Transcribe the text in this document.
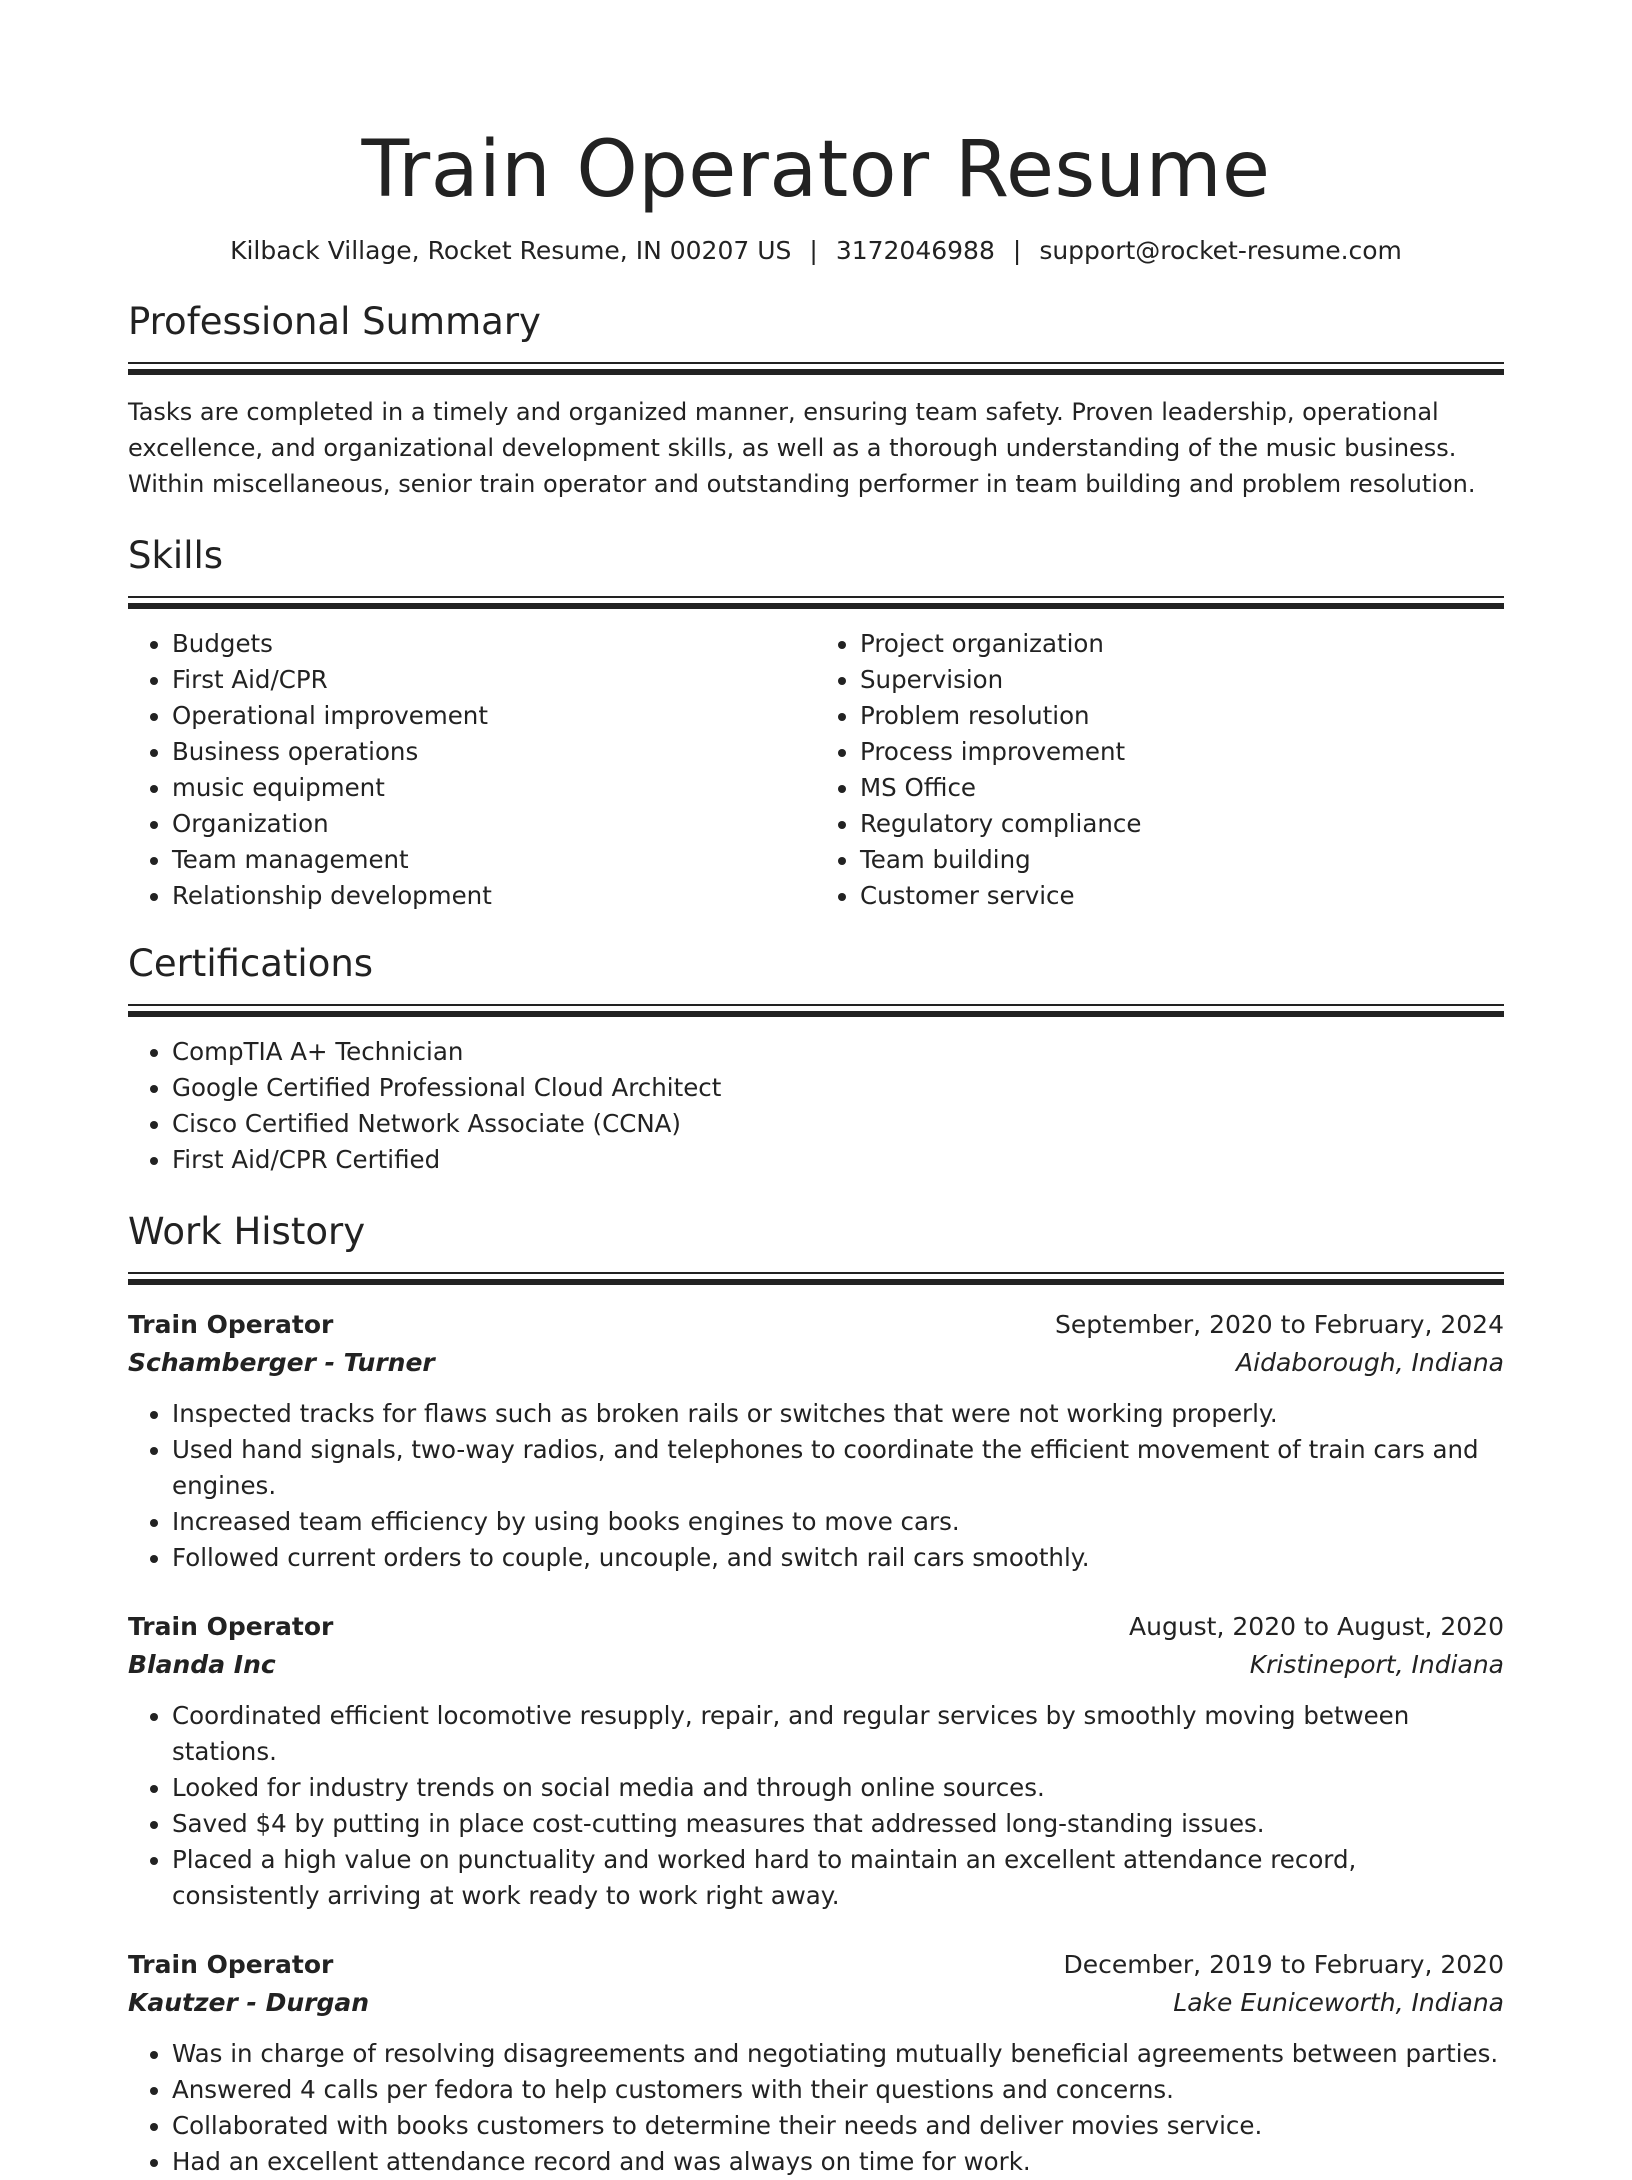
Train Operator Resume
Kilback Village, Rocket Resume, IN 00207 US | 3172046988 | support@rocket-resume.com
Professional Summary
Tasks are completed in a timely and organized manner, ensuring team safety. Proven leadership, operational excellence, and organizational development skills, as well as a thorough understanding of the music business. Within miscellaneous, senior train operator and outstanding performer in team building and problem resolution.
Skills
• Budgets
• First Aid/CPR
• Operational improvement
• Business operations
• music equipment
• Organization
• Team management
• Relationship development
• Project organization
• Supervision
• Problem resolution
• Process improvement
• MS Office
• Regulatory compliance
• Team building
• Customer service
Certifications
• CompTIA A+ Technician
• Google Certified Professional Cloud Architect
• Cisco Certified Network Associate (CCNA)
• First Aid/CPR Certified
Work History
Train Operator	September, 2020 to February, 2024
Schamberger - Turner	Aidaborough, Indiana
• Inspected tracks for flaws such as broken rails or switches that were not working properly.
• Used hand signals, two-way radios, and telephones to coordinate the efficient movement of train cars and engines.
• Increased team efficiency by using books engines to move cars.
• Followed current orders to couple, uncouple, and switch rail cars smoothly.
Train Operator	August, 2020 to August, 2020
Blanda Inc	Kristineport, Indiana
• Coordinated efficient locomotive resupply, repair, and regular services by smoothly moving between stations.
• Looked for industry trends on social media and through online sources.
• Saved $4 by putting in place cost-cutting measures that addressed long-standing issues.
• Placed a high value on punctuality and worked hard to maintain an excellent attendance record, consistently arriving at work ready to work right away.
Train Operator	December, 2019 to February, 2020
Kautzer - Durgan	Lake Euniceworth, Indiana
• Was in charge of resolving disagreements and negotiating mutually beneficial agreements between parties.
• Answered 4 calls per fedora to help customers with their questions and concerns.
• Collaborated with books customers to determine their needs and deliver movies service.
• Had an excellent attendance record and was always on time for work.
